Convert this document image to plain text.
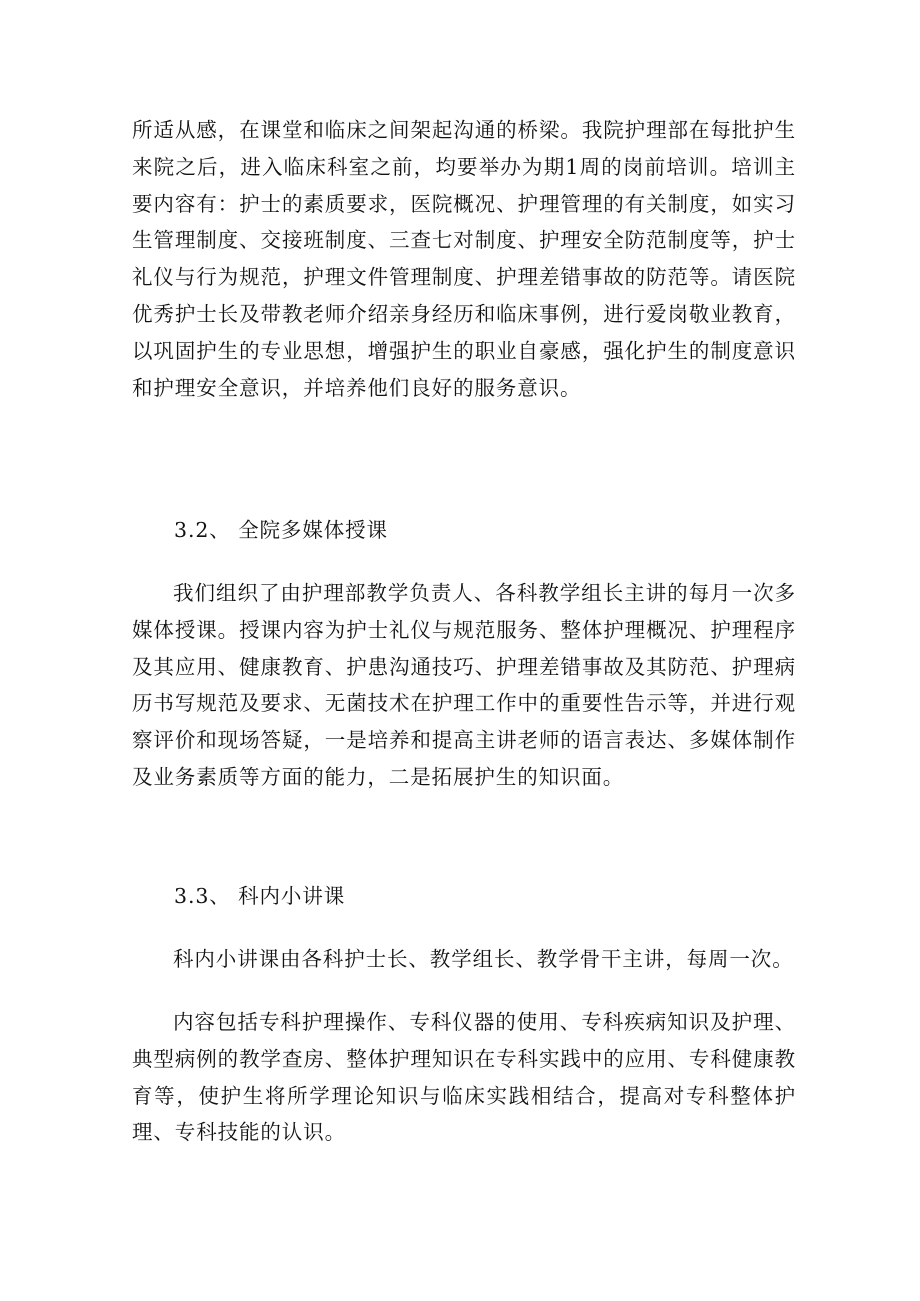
所适从感，在课堂和临床之间架起沟通的桥梁。我院护理部在每批护生来院之后，进入临床科室之前，均要举办为期1周的岗前培训。培训主要内容有：护士的素质要求，医院概况、护理管理的有关制度，如实习生管理制度、交接班制度、三查七对制度、护理安全防范制度等，护士礼仪与行为规范，护理文件管理制度、护理差错事故的防范等。请医院优秀护士长及带教老师介绍亲身经历和临床事例，进行爱岗敬业教育，以巩固护生的专业思想，增强护生的职业自豪感，强化护生的制度意识和护理安全意识，并培养他们良好的服务意识。

3.2、 全院多媒体授课

我们组织了由护理部教学负责人、各科教学组长主讲的每月一次多媒体授课。授课内容为护士礼仪与规范服务、整体护理概况、护理程序及其应用、健康教育、护患沟通技巧、护理差错事故及其防范、护理病历书写规范及要求、无菌技术在护理工作中的重要性告示等，并进行观察评价和现场答疑，一是培养和提高主讲老师的语言表达、多媒体制作及业务素质等方面的能力，二是拓展护生的知识面。

3.3、 科内小讲课

科内小讲课由各科护士长、教学组长、教学骨干主讲，每周一次。

内容包括专科护理操作、专科仪器的使用、专科疾病知识及护理、典型病例的教学查房、整体护理知识在专科实践中的应用、专科健康教育等，使护生将所学理论知识与临床实践相结合，提高对专科整体护理、专科技能的认识。
